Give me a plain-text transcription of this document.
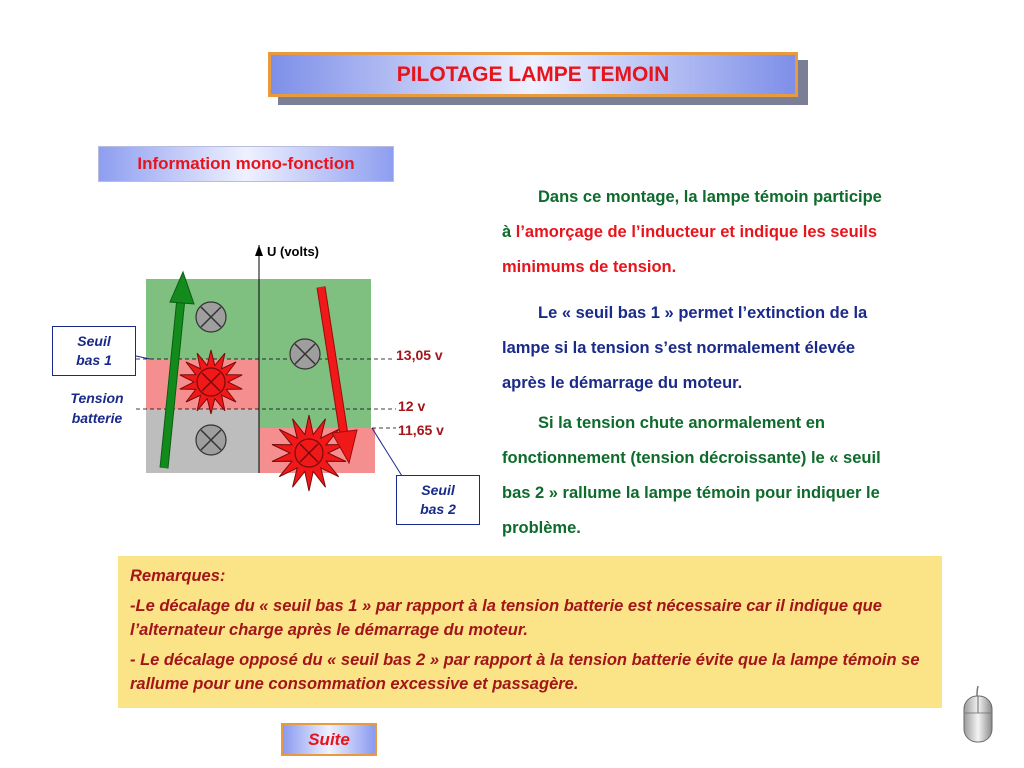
PILOTAGE LAMPE TEMOIN
Information mono-fonction
U (volts)
13,05 v
12 v
11,65 v
Seuil
bas 1
Tension
batterie
Seuil
bas 2
Dans ce montage, la lampe témoin participe
à l’amorçage de l’inducteur et indique les seuils
minimums de tension.
Le « seuil bas 1 » permet l’extinction de la
lampe si la tension s’est normalement élevée
après le démarrage du moteur.
Si la tension chute anormalement en
fonctionnement (tension décroissante) le « seuil
bas 2 » rallume la lampe témoin pour indiquer le
problème.

Remarques:

-Le décalage du « seuil bas 1 » par rapport à la tension batterie est nécessaire car il indique que l’alternateur charge après le démarrage du moteur.

- Le décalage opposé du « seuil bas 2 » par rapport à la tension batterie évite que la lampe témoin se rallume pour une consommation excessive et passagère.

Suite
